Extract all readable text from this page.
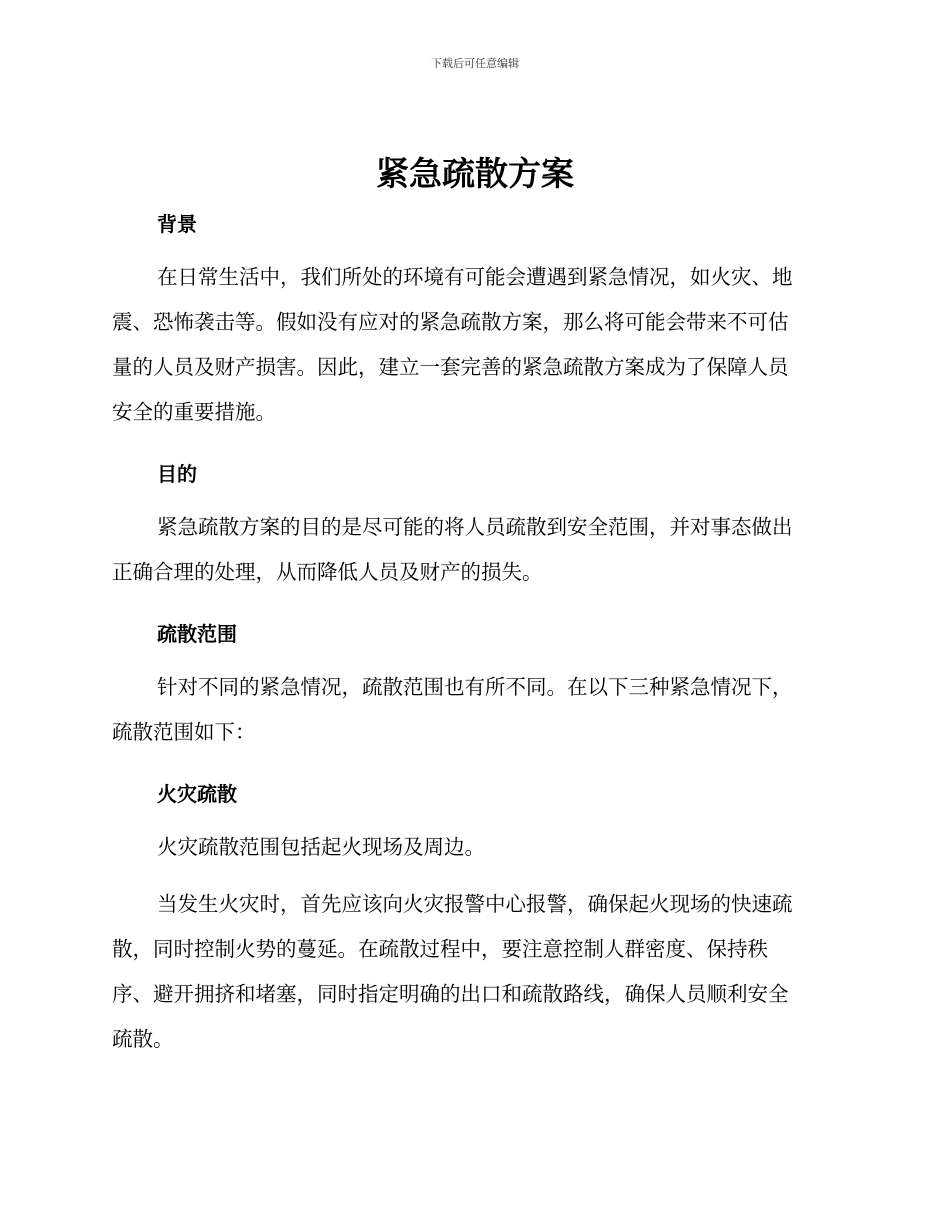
下载后可任意编辑
紧急疏散方案
背景
在日常生活中，我们所处的环境有可能会遭遇到紧急情况，如火灾、地
震、恐怖袭击等。假如没有应对的紧急疏散方案，那么将可能会带来不可估
量的人员及财产损害。因此，建立一套完善的紧急疏散方案成为了保障人员
安全的重要措施。
目的
紧急疏散方案的目的是尽可能的将人员疏散到安全范围，并对事态做出
正确合理的处理，从而降低人员及财产的损失。
疏散范围
针对不同的紧急情况，疏散范围也有所不同。在以下三种紧急情况下，
疏散范围如下：
火灾疏散
火灾疏散范围包括起火现场及周边。
当发生火灾时，首先应该向火灾报警中心报警，确保起火现场的快速疏
散，同时控制火势的蔓延。在疏散过程中，要注意控制人群密度、保持秩
序、避开拥挤和堵塞，同时指定明确的出口和疏散路线，确保人员顺利安全
疏散。
